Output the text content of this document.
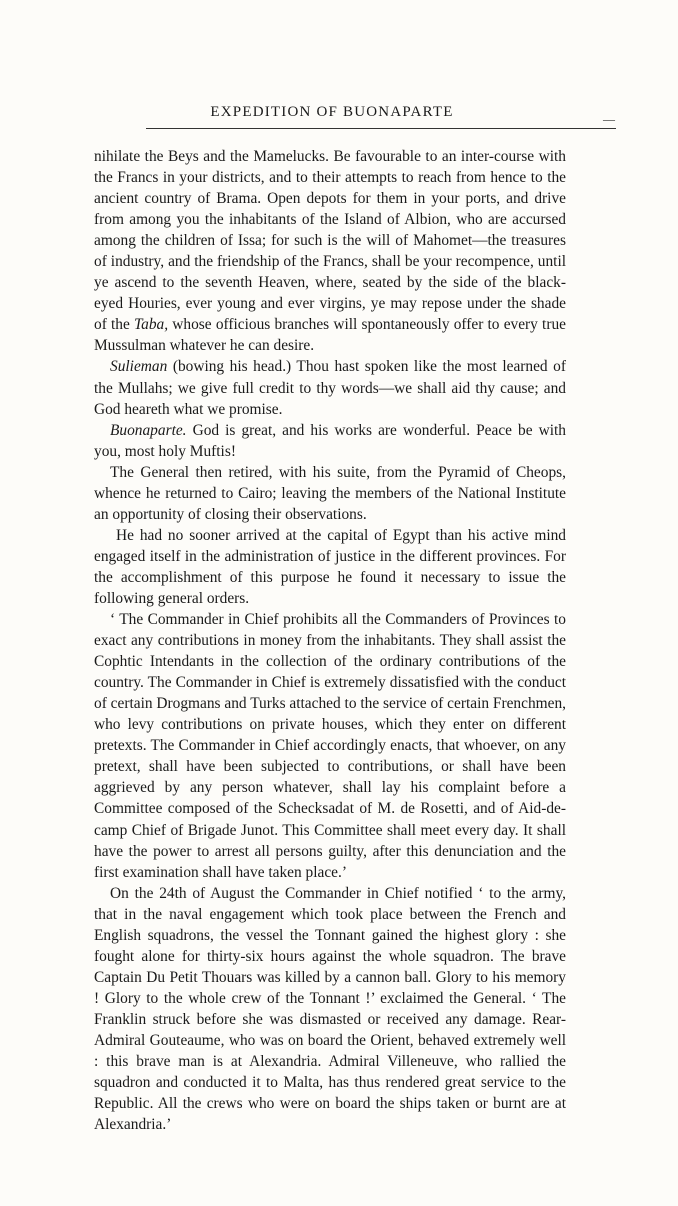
EXPEDITION OF BUONAPARTE	—

nihilate the Beys and the Mamelucks. Be favourable to an inter-course with the Francs in your districts, and to their attempts to reach from hence to the ancient country of Brama. Open depots for them in your ports, and drive from among you the inhabitants of the Island of Albion, who are accursed among the children of Issa; for such is the will of Mahomet—the treasures of industry, and the friendship of the Francs, shall be your recompence, until ye ascend to the seventh Heaven, where, seated by the side of the black-eyed Houries, ever young and ever virgins, ye may repose under the shade of the Taba, whose officious branches will spontaneously offer to every true Mussulman whatever he can desire.

Sulieman (bowing his head.) Thou hast spoken like the most learned of the Mullahs; we give full credit to thy words—we shall aid thy cause; and God heareth what we promise.

Buonaparte. God is great, and his works are wonderful. Peace be with you, most holy Muftis!

The General then retired, with his suite, from the Pyramid of Cheops, whence he returned to Cairo; leaving the members of the National Institute an opportunity of closing their observations.

He had no sooner arrived at the capital of Egypt than his active mind engaged itself in the administration of justice in the different provinces. For the accomplishment of this purpose he found it necessary to issue the following general orders.

‘ The Commander in Chief prohibits all the Commanders of Provinces to exact any contributions in money from the inhabitants. They shall assist the Cophtic Intendants in the collection of the ordinary contributions of the country. The Commander in Chief is extremely dissatisfied with the conduct of certain Drogmans and Turks attached to the service of certain Frenchmen, who levy contributions on private houses, which they enter on different pretexts. The Commander in Chief accordingly enacts, that whoever, on any pretext, shall have been subjected to contributions, or shall have been aggrieved by any person whatever, shall lay his complaint before a Committee composed of the Schecksadat of M. de Rosetti, and of Aid-de-camp Chief of Brigade Junot. This Committee shall meet every day. It shall have the power to arrest all persons guilty, after this denunciation and the first examination shall have taken place.’

On the 24th of August the Commander in Chief notified ‘ to the army, that in the naval engagement which took place between the French and English squadrons, the vessel the Tonnant gained the highest glory : she fought alone for thirty-six hours against the whole squadron. The brave Captain Du Petit Thouars was killed by a cannon ball. Glory to his memory ! Glory to the whole crew of the Tonnant !’ exclaimed the General. ‘ The Franklin struck before she was dismasted or received any damage. Rear-Admiral Gouteaume, who was on board the Orient, behaved extremely well : this brave man is at Alexandria. Admiral Villeneuve, who rallied the squadron and conducted it to Malta, has thus rendered great service to the Republic. All the crews who were on board the ships taken or burnt are at Alexandria.’
